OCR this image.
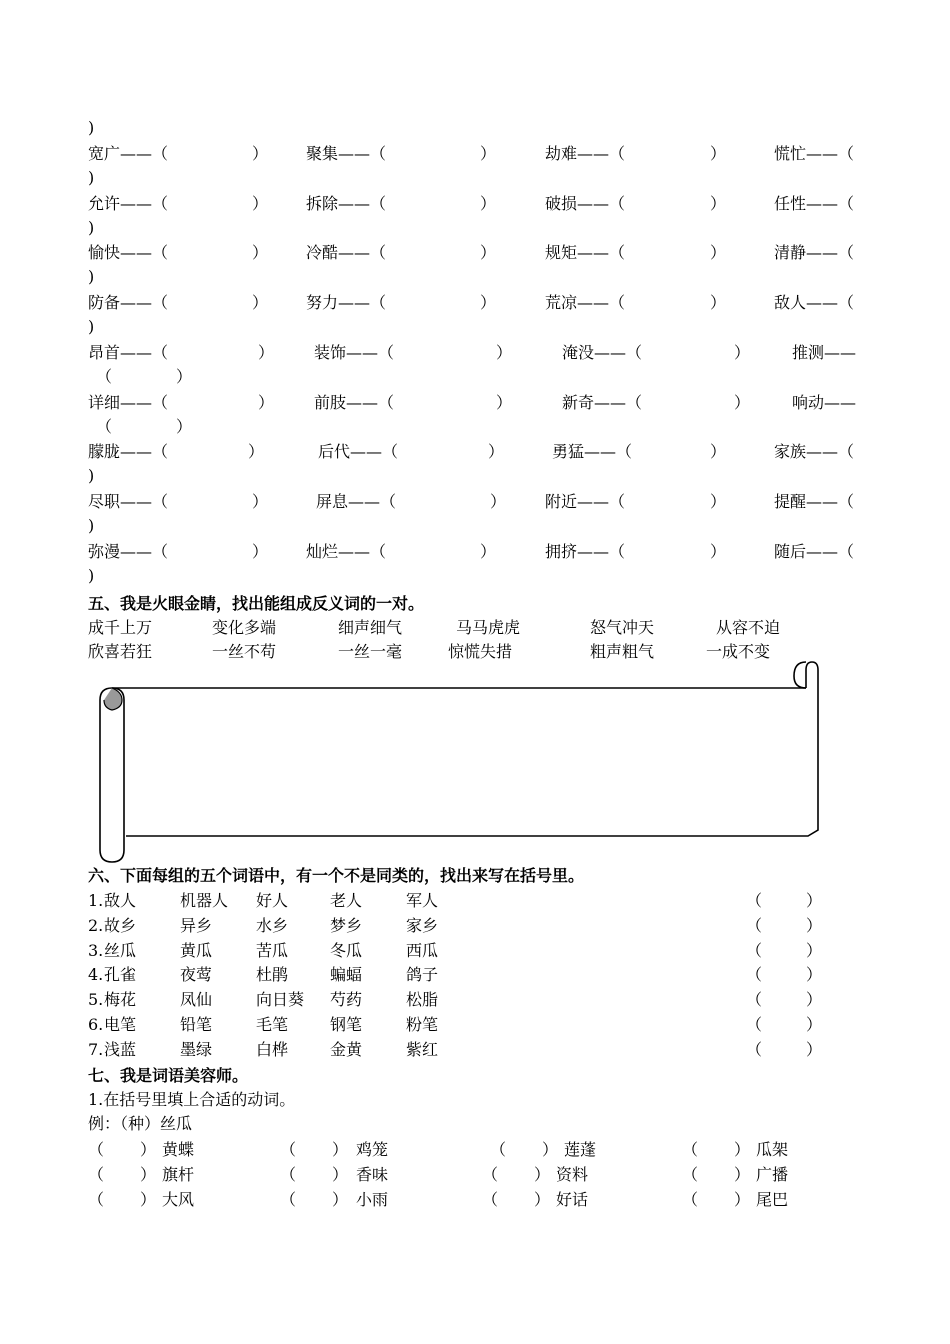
)
宽广——（	） 聚集——（	）	劫难——（	）	慌忙——（
)
允许——（	） 拆除——（	）	破损——（	）	任性——（
)
愉快——（	） 冷酷——（	）	规矩——（	）	清静——（
)
防备——（	） 努力——（	）	荒凉——（	）	敌人——（
)
昂首——（	） 装饰——（	）	淹没——（	）	推测——
（　　　　）
详细——（	） 前肢——（	）	新奇——（	）	响动——
（　　　　）
朦胧——（	）	后代——（	）	勇猛——（	）	家族——（
)
尽职——（	）	屏息——（	） 附近——（	）	提醒——（
)
弥漫——（	） 灿烂——（	）	拥挤——（	）	随后——（
)
五、我是火眼金睛，找出能组成反义词的一对。
成千上万	变化多端	细声细气	马马虎虎	怒气冲天	从容不迫
欣喜若狂	一丝不苟	一丝一毫	惊慌失措	粗声粗气	一成不变
六、下面每组的五个词语中，有一个不是同类的，找出来写在括号里。
1. 敌人	机器人 好人	老人	军人	（	）
2. 故乡	异乡	水乡	梦乡	家乡	（	）
3. 丝瓜	黄瓜	苦瓜	冬瓜	西瓜	（	）
4. 孔雀	夜莺	杜鹃	蝙蝠	鸽子	（	）
5. 梅花	凤仙	向日葵 芍药	松脂	（	）
6. 电笔	铅笔	毛笔	钢笔	粉笔	（	）
7. 浅蓝	墨绿	白桦	金黄	紫红	（	）
七、我是词语美容师。
1.在括号里填上合适的动词。
例：（种）丝瓜
（ ） 黄蝶	（ ） 鸡笼	（ ） 莲蓬	（ ） 瓜架
（ ） 旗杆	（ ） 香味	（ ） 资料	（ ） 广播
（ ） 大风	（ ） 小雨	（ ） 好话	（ ） 尾巴
